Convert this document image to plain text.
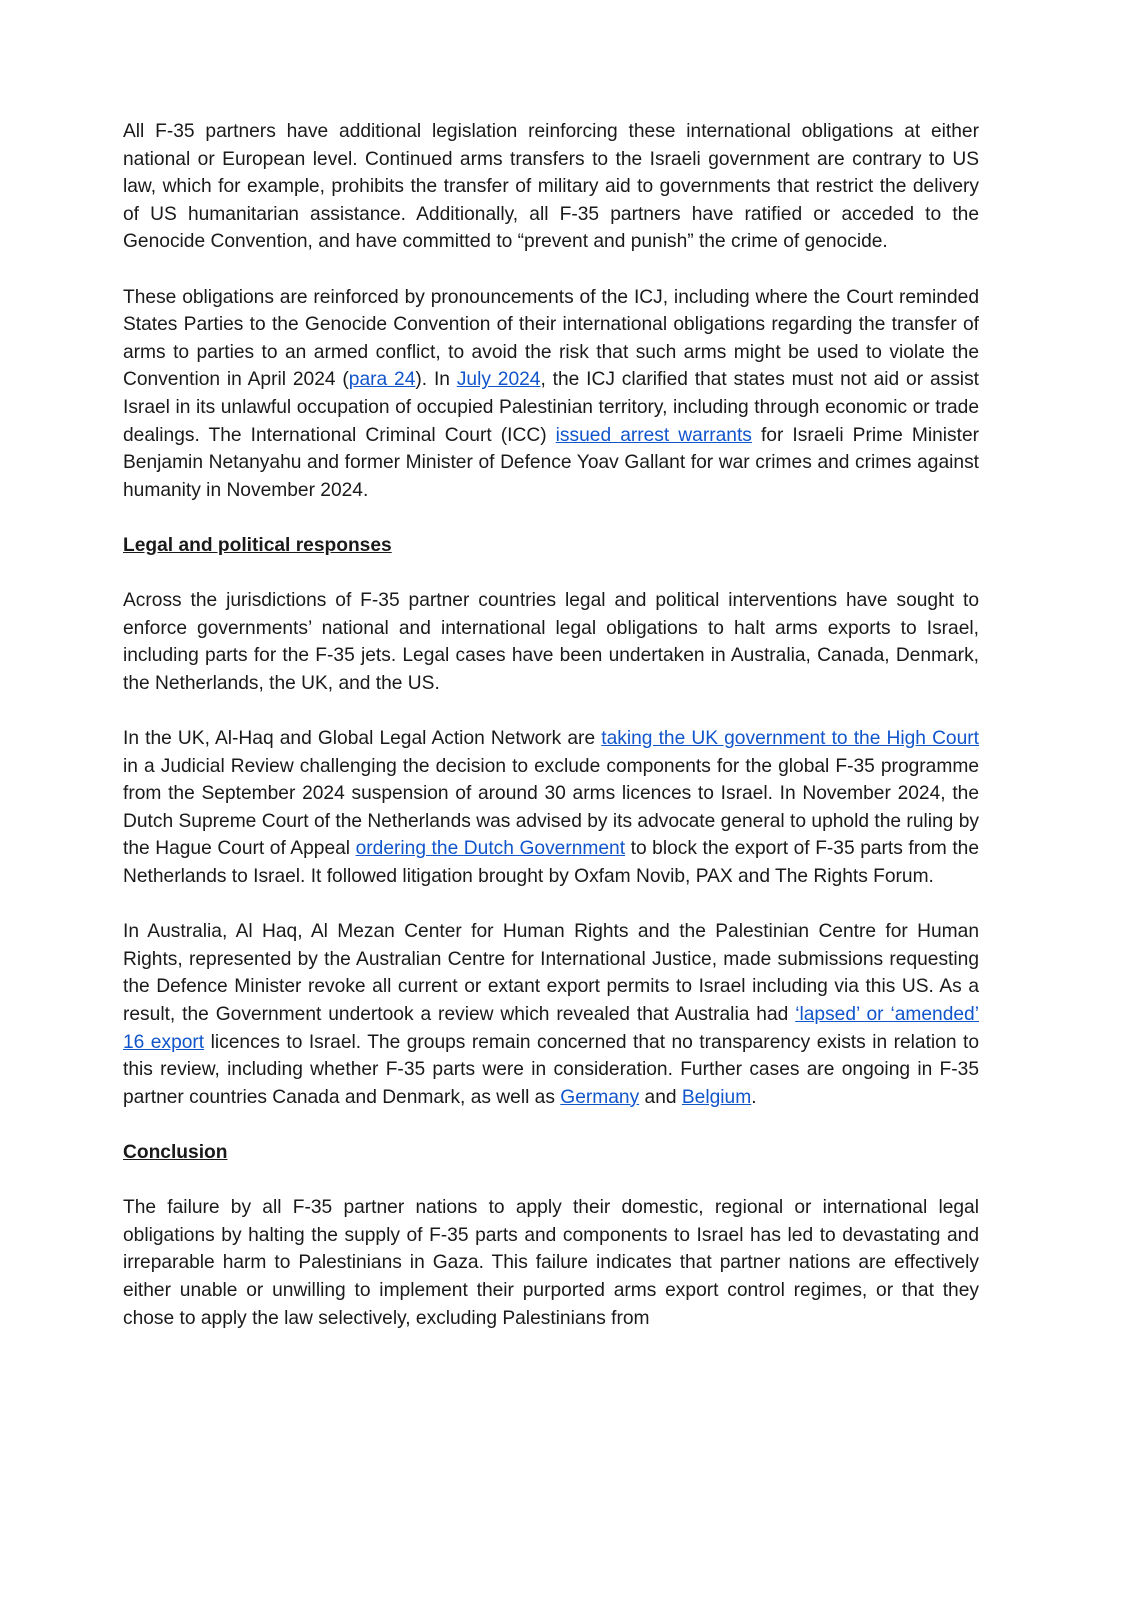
All F-35 partners have additional legislation reinforcing these international obligations at either national or European level. Continued arms transfers to the Israeli government are contrary to US law, which for example, prohibits the transfer of military aid to governments that restrict the delivery of US humanitarian assistance. Additionally, all F-35 partners have ratified or acceded to the Genocide Convention, and have committed to “prevent and punish” the crime of genocide.

These obligations are reinforced by pronouncements of the ICJ, including where the Court reminded States Parties to the Genocide Convention of their international obligations regarding the transfer of arms to parties to an armed conflict, to avoid the risk that such arms might be used to violate the Convention in April 2024 (para 24). In July 2024, the ICJ clarified that states must not aid or assist Israel in its unlawful occupation of occupied Palestinian territory, including through economic or trade dealings. The International Criminal Court (ICC) issued arrest warrants for Israeli Prime Minister Benjamin Netanyahu and former Minister of Defence Yoav Gallant for war crimes and crimes against humanity in November 2024.

Legal and political responses

Across the jurisdictions of F-35 partner countries legal and political interventions have sought to enforce governments’ national and international legal obligations to halt arms exports to Israel, including parts for the F-35 jets. Legal cases have been undertaken in Australia, Canada, Denmark, the Netherlands, the UK, and the US.

In the UK, Al-Haq and Global Legal Action Network are taking the UK government to the High Court in a Judicial Review challenging the decision to exclude components for the global F-35 programme from the September 2024 suspension of around 30 arms licences to Israel. In November 2024, the Dutch Supreme Court of the Netherlands was advised by its advocate general to uphold the ruling by the Hague Court of Appeal ordering the Dutch Government to block the export of F-35 parts from the Netherlands to Israel. It followed litigation brought by Oxfam Novib, PAX and The Rights Forum.

In Australia, Al Haq, Al Mezan Center for Human Rights and the Palestinian Centre for Human Rights, represented by the Australian Centre for International Justice, made submissions requesting the Defence Minister revoke all current or extant export permits to Israel including via this US. As a result, the Government undertook a review which revealed that Australia had ‘lapsed’ or ‘amended’ 16 export licences to Israel. The groups remain concerned that no transparency exists in relation to this review, including whether F-35 parts were in consideration. Further cases are ongoing in F-35 partner countries Canada and Denmark, as well as Germany and Belgium.

Conclusion

The failure by all F-35 partner nations to apply their domestic, regional or international legal obligations by halting the supply of F-35 parts and components to Israel has led to devastating and irreparable harm to Palestinians in Gaza. This failure indicates that partner nations are effectively either unable or unwilling to implement their purported arms export control regimes, or that they chose to apply the law selectively, excluding Palestinians from
